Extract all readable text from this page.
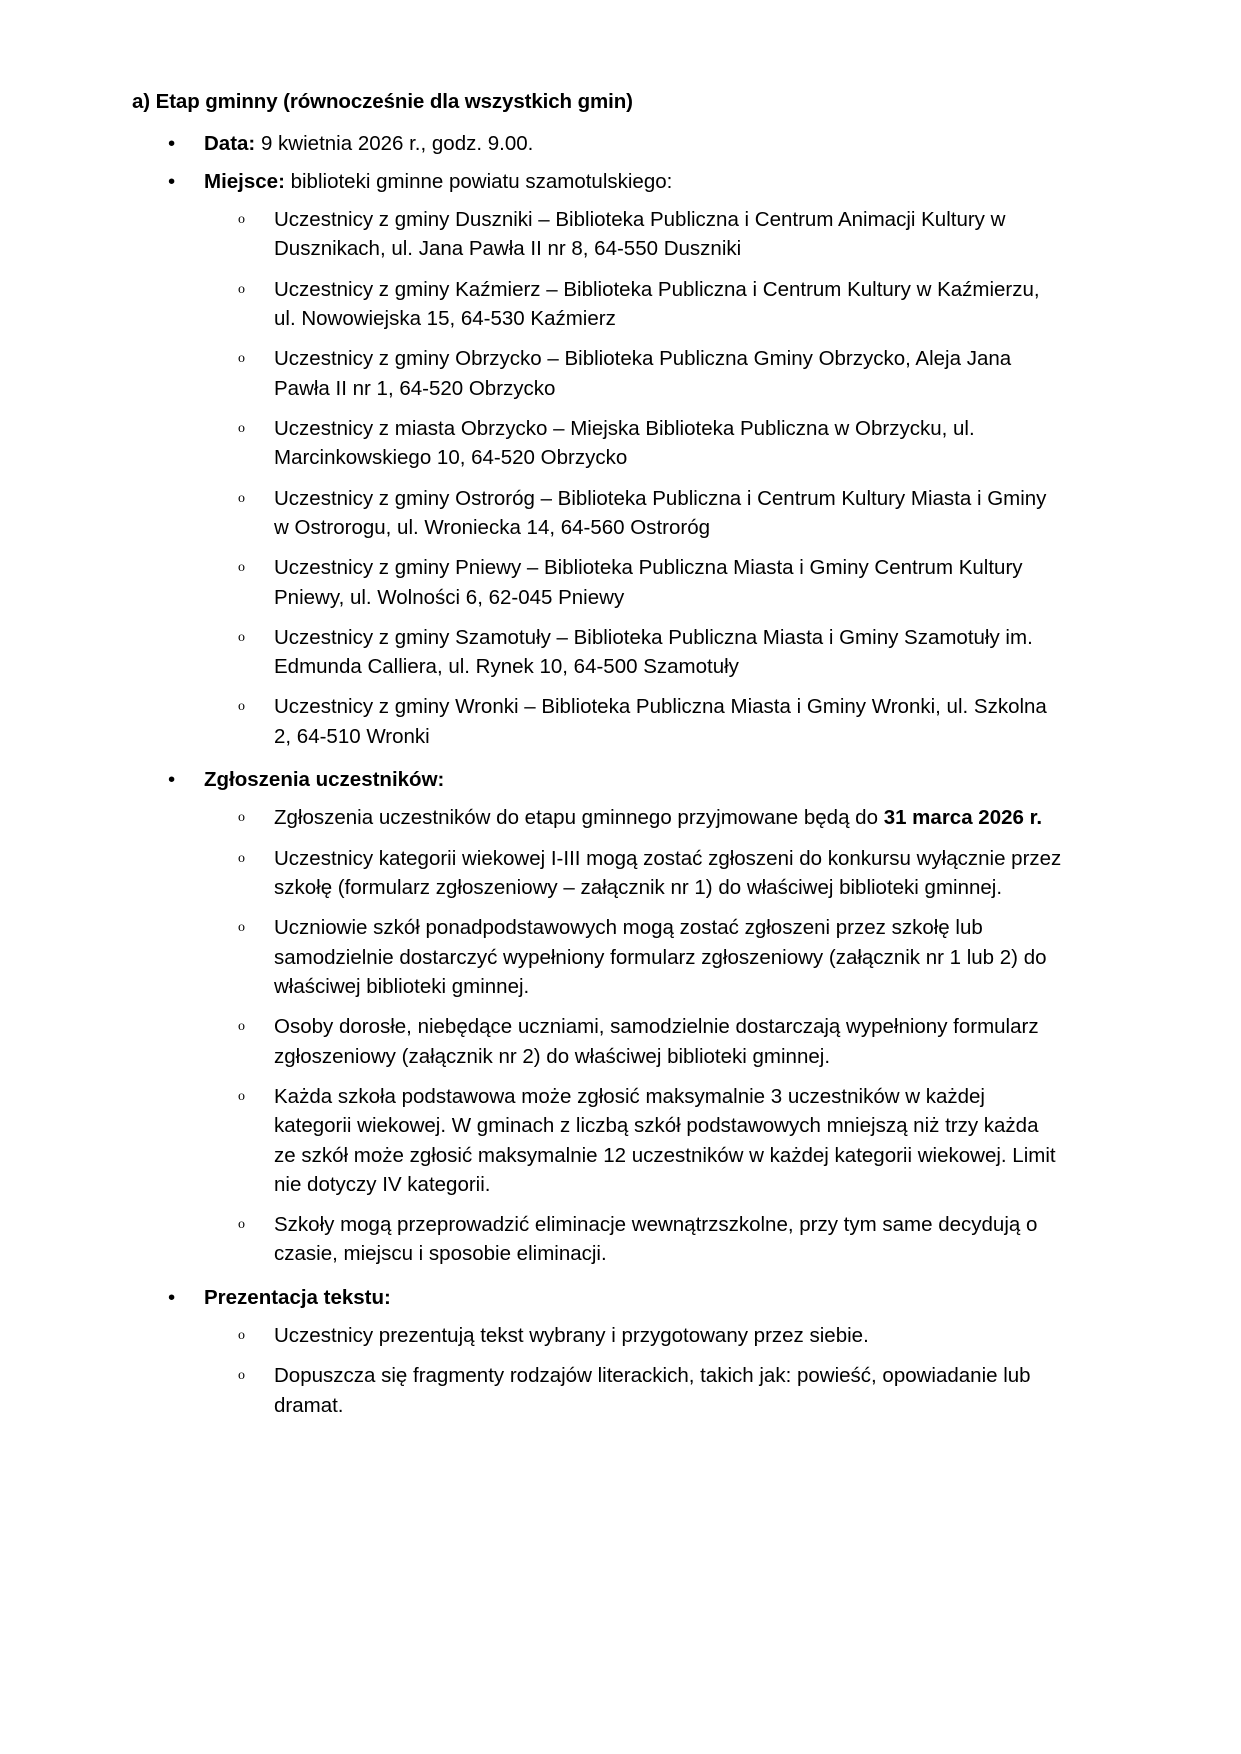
a) Etap gminny (równocześnie dla wszystkich gmin)
• Data: 9 kwietnia 2026 r., godz. 9.00.
• Miejsce: biblioteki gminne powiatu szamotulskiego:
o Uczestnicy z gminy Duszniki – Biblioteka Publiczna i Centrum Animacji Kultury w Dusznikach, ul. Jana Pawła II nr 8, 64-550 Duszniki
o Uczestnicy z gminy Kaźmierz – Biblioteka Publiczna i Centrum Kultury w Kaźmierzu, ul. Nowowiejska 15, 64-530 Kaźmierz
o Uczestnicy z gminy Obrzycko – Biblioteka Publiczna Gminy Obrzycko, Aleja Jana Pawła II nr 1, 64-520 Obrzycko
o Uczestnicy z miasta Obrzycko – Miejska Biblioteka Publiczna w Obrzycku, ul. Marcinkowskiego 10, 64-520 Obrzycko
o Uczestnicy z gminy Ostroróg – Biblioteka Publiczna i Centrum Kultury Miasta i Gminy w Ostrorogu, ul. Wroniecka 14, 64-560 Ostroróg
o Uczestnicy z gminy Pniewy – Biblioteka Publiczna Miasta i Gminy Centrum Kultury Pniewy, ul. Wolności 6, 62-045 Pniewy
o Uczestnicy z gminy Szamotuły – Biblioteka Publiczna Miasta i Gminy Szamotuły im. Edmunda Calliera, ul. Rynek 10, 64-500 Szamotuły
o Uczestnicy z gminy Wronki – Biblioteka Publiczna Miasta i Gminy Wronki, ul. Szkolna 2, 64-510 Wronki
• Zgłoszenia uczestników:
o Zgłoszenia uczestników do etapu gminnego przyjmowane będą do 31 marca 2026 r.
o Uczestnicy kategorii wiekowej I-III mogą zostać zgłoszeni do konkursu wyłącznie przez szkołę (formularz zgłoszeniowy – załącznik nr 1) do właściwej biblioteki gminnej.
o Uczniowie szkół ponadpodstawowych mogą zostać zgłoszeni przez szkołę lub samodzielnie dostarczyć wypełniony formularz zgłoszeniowy (załącznik nr 1 lub 2) do właściwej biblioteki gminnej.
o Osoby dorosłe, niebędące uczniami, samodzielnie dostarczają wypełniony formularz zgłoszeniowy (załącznik nr 2) do właściwej biblioteki gminnej.
o Każda szkoła podstawowa może zgłosić maksymalnie 3 uczestników w każdej kategorii wiekowej. W gminach z liczbą szkół podstawowych mniejszą niż trzy każda ze szkół może zgłosić maksymalnie 12 uczestników w każdej kategorii wiekowej. Limit nie dotyczy IV kategorii.
o Szkoły mogą przeprowadzić eliminacje wewnątrzszkolne, przy tym same decydują o czasie, miejscu i sposobie eliminacji.
• Prezentacja tekstu:
o Uczestnicy prezentują tekst wybrany i przygotowany przez siebie.
o Dopuszcza się fragmenty rodzajów literackich, takich jak: powieść, opowiadanie lub dramat.
